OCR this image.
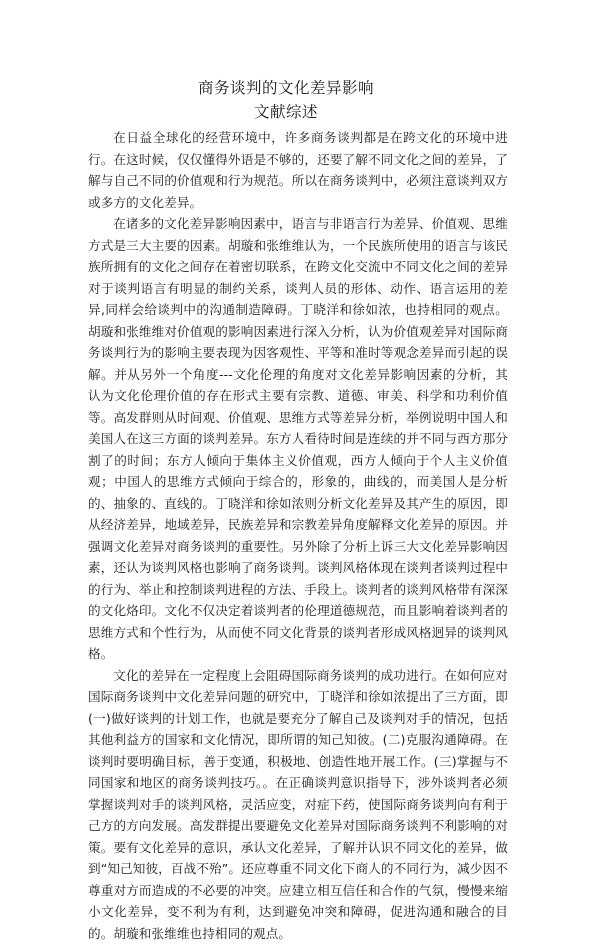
商务谈判的文化差异影响
文献综述

在日益全球化的经营环境中，许多商务谈判都是在跨文化的环境中进行。在这时候，仅仅懂得外语是不够的，还要了解不同文化之间的差异，了解与自己不同的价值观和行为规范。所以在商务谈判中，必须注意谈判双方或多方的文化差异。

在诸多的文化差异影响因素中，语言与非语言行为差异、价值观、思维方式是三大主要的因素。胡璇和张维维认为，一个民族所使用的语言与该民族所拥有的文化之间存在着密切联系，在跨文化交流中不同文化之间的差异对于谈判语言有明显的制约关系，谈判人员的形体、动作、语言运用的差异,同样会给谈判中的沟通制造障碍。丁晓洋和徐如浓，也持相同的观点。胡璇和张维维对价值观的影响因素进行深入分析，认为价值观差异对国际商务谈判行为的影响主要表现为因客观性、平等和准时等观念差异而引起的误解。并从另外一个角度---文化伦理的角度对文化差异影响因素的分析，其认为文化伦理价值的存在形式主要有宗教、道德、审美、科学和功利价值等。高发群则从时间观、价值观、思维方式等差异分析，举例说明中国人和美国人在这三方面的谈判差异。东方人看待时间是连续的并不同与西方那分割了的时间；东方人倾向于集体主义价值观，西方人倾向于个人主义价值观；中国人的思维方式倾向于综合的，形象的，曲线的，而美国人是分析的、抽象的、直线的。丁晓洋和徐如浓则分析文化差异及其产生的原因，即从经济差异，地域差异，民族差异和宗教差异角度解释文化差异的原因。并强调文化差异对商务谈判的重要性。另外除了分析上诉三大文化差异影响因素，还认为谈判风格也影响了商务谈判。谈判风格体现在谈判者谈判过程中的行为、举止和控制谈判进程的方法、手段上。谈判者的谈判风格带有深深的文化烙印。文化不仅决定着谈判者的伦理道德规范，而且影响着谈判者的思维方式和个性行为，从而使不同文化背景的谈判者形成风格迥异的谈判风格。

文化的差异在一定程度上会阻碍国际商务谈判的成功进行。在如何应对国际商务谈判中文化差异问题的研究中，丁晓洋和徐如浓提出了三方面，即(一)做好谈判的计划工作，也就是要充分了解自己及谈判对手的情况，包括其他利益方的国家和文化情况，即所谓的知己知彼。(二)克服沟通障碍。在谈判时要明确目标，善于变通，积极地、创造性地开展工作。(三)掌握与不同国家和地区的商务谈判技巧。。在正确谈判意识指导下，涉外谈判者必须掌握谈判对手的谈判风格，灵活应变，对症下药，使国际商务谈判向有利于己方的方向发展。高发群提出要避免文化差异对国际商务谈判不利影响的对策。要有文化差异的意识，承认文化差异，了解并认识不同文化的差异，做到“知己知彼，百战不殆”。还应尊重不同文化下商人的不同行为，减少因不尊重对方而造成的不必要的冲突。应建立相互信任和合作的气氛，慢慢来缩小文化差异，变不利为有利，达到避免冲突和障碍，促进沟通和融合的目的。胡璇和张维维也持相同的观点。
